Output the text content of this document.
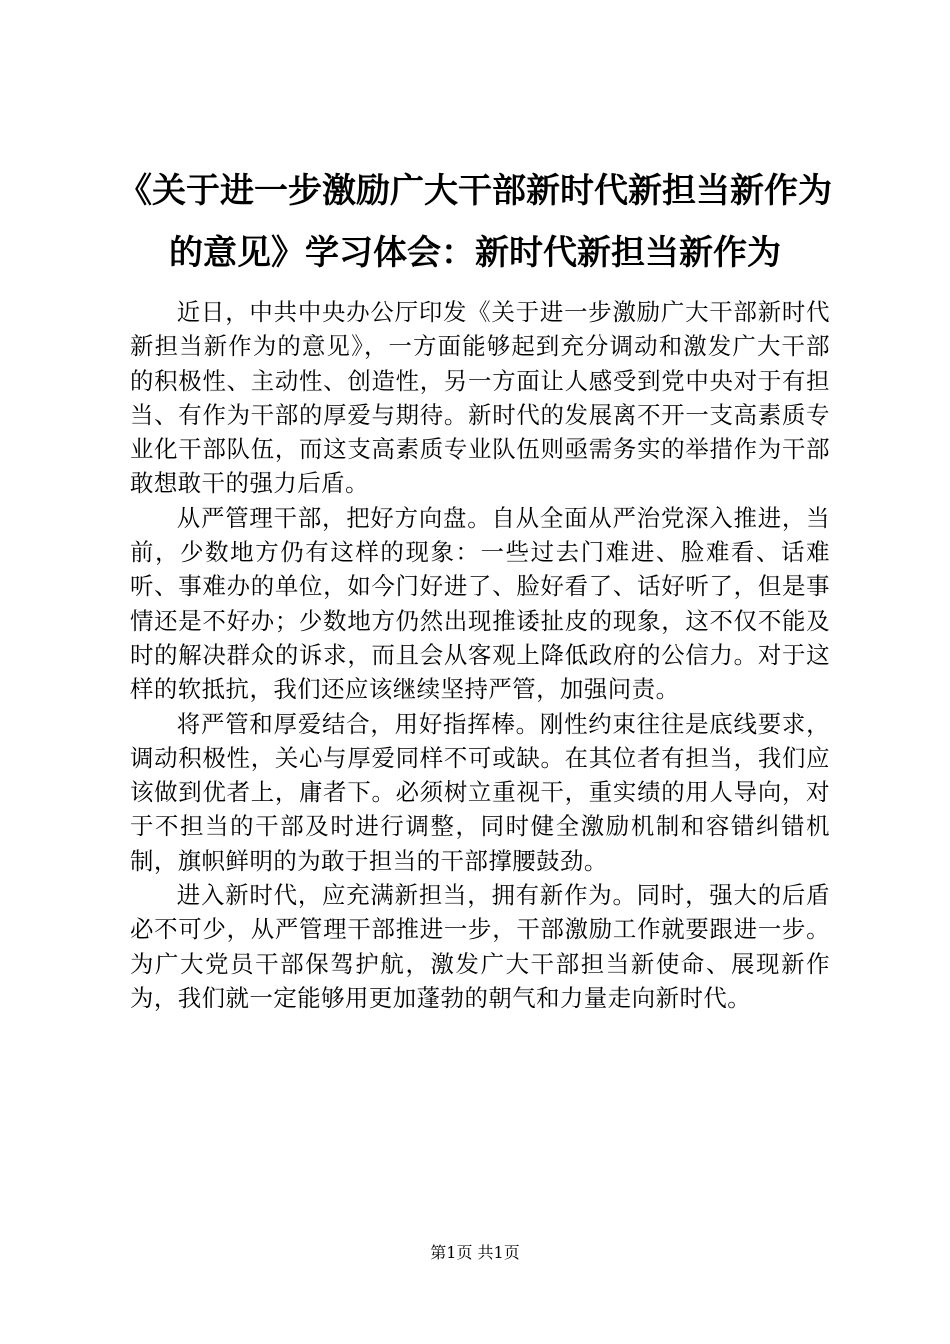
《关于进一步激励广大干部新时代新担当新作为的意见》学习体会：新时代新担当新作为

近日，中共中央办公厅印发《关于进一步激励广大干部新时代新担当新作为的意见》，一方面能够起到充分调动和激发广大干部的积极性、主动性、创造性，另一方面让人感受到党中央对于有担当、有作为干部的厚爱与期待。新时代的发展离不开一支高素质专业化干部队伍，而这支高素质专业队伍则亟需务实的举措作为干部敢想敢干的强力后盾。

从严管理干部，把好方向盘。自从全面从严治党深入推进，当前，少数地方仍有这样的现象：一些过去门难进、脸难看、话难听、事难办的单位，如今门好进了、脸好看了、话好听了，但是事情还是不好办；少数地方仍然出现推诿扯皮的现象，这不仅不能及时的解决群众的诉求，而且会从客观上降低政府的公信力。对于这样的软抵抗，我们还应该继续坚持严管，加强问责。

将严管和厚爱结合，用好指挥棒。刚性约束往往是底线要求，调动积极性，关心与厚爱同样不可或缺。在其位者有担当，我们应该做到优者上，庸者下。必须树立重视干，重实绩的用人导向，对于不担当的干部及时进行调整，同时健全激励机制和容错纠错机制，旗帜鲜明的为敢于担当的干部撑腰鼓劲。

进入新时代，应充满新担当，拥有新作为。同时，强大的后盾必不可少，从严管理干部推进一步，干部激励工作就要跟进一步。为广大党员干部保驾护航，激发广大干部担当新使命、展现新作为，我们就一定能够用更加蓬勃的朝气和力量走向新时代。

第1页 共1页
